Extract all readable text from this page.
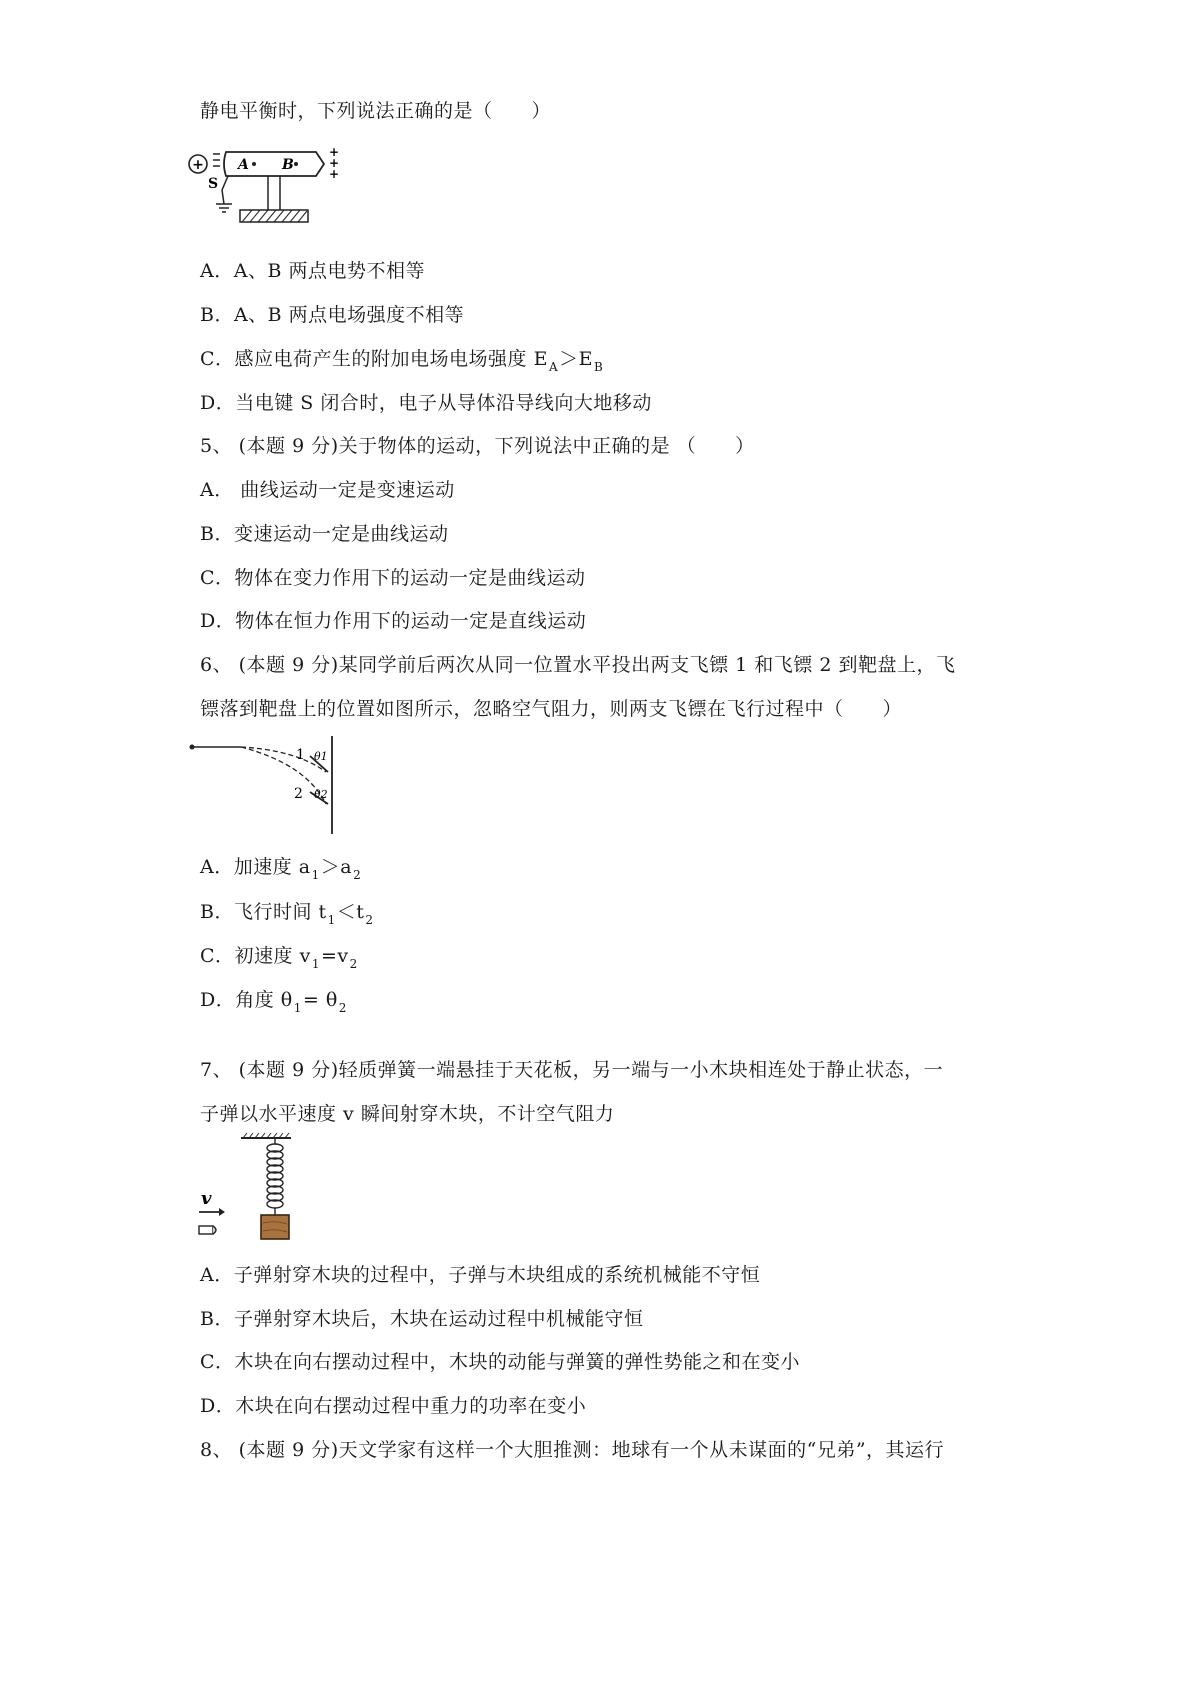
静电平衡时，下列说法正确的是（　　）
+ A B
+
+
+
S
A．A、B 两点电势不相等
B．A、B 两点电场强度不相等
C．感应电荷产生的附加电场电场强度 $E_A>E_B$
D．当电键 S 闭合时，电子从导体沿导线向大地移动
5、 (本题 9 分)关于物体的运动，下列说法中正确的是 （　　）
A． 曲线运动一定是变速运动
B．变速运动一定是曲线运动
C．物体在变力作用下的运动一定是曲线运动
D．物体在恒力作用下的运动一定是直线运动
6、 (本题 9 分)某同学前后两次从同一位置水平投出两支飞镖 1 和飞镖 2 到靶盘上，飞
镖落到靶盘上的位置如图所示，忽略空气阻力，则两支飞镖在飞行过程中（　　）
1 θ1
2 θ2
A．加速度 $a_1>a_2$
B．飞行时间 $t_1<t_2$
C．初速度 $v_1=v_2$
D．角度 $\theta_1= \theta_2$
7、 (本题 9 分)轻质弹簧一端悬挂于天花板，另一端与一小木块相连处于静止状态，一
子弹以水平速度 v 瞬间射穿木块，不计空气阻力
v
A．子弹射穿木块的过程中，子弹与木块组成的系统机械能不守恒
B．子弹射穿木块后，木块在运动过程中机械能守恒
C．木块在向右摆动过程中，木块的动能与弹簧的弹性势能之和在变小
D．木块在向右摆动过程中重力的功率在变小
8、 (本题 9 分)天文学家有这样一个大胆推测：地球有一个从未谋面的“兄弟”，其运行
